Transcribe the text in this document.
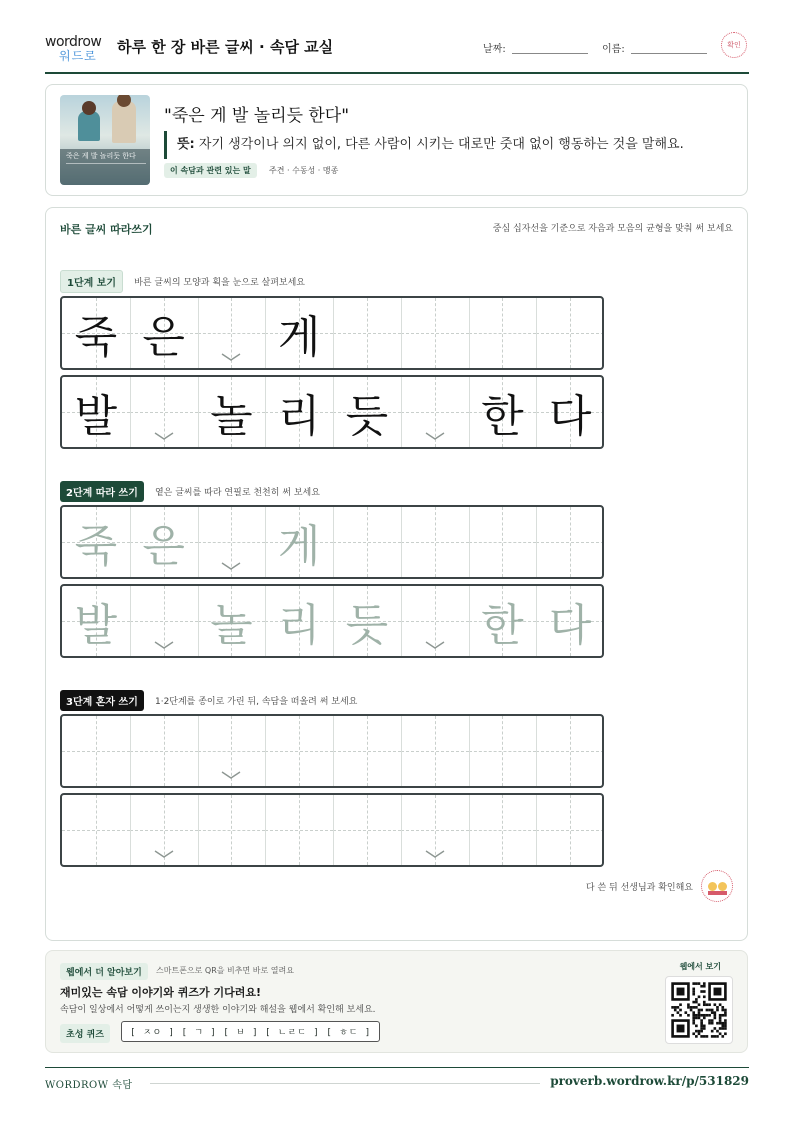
wordrow
워드로 하루 한 장 바른 글씨 · 속담 교실	날짜:	이름:	확인
죽은 게 발 놀리듯 한다
"죽은 게 발 놀리듯 한다"
뜻: 자기 생각이나 의지 없이, 다른 사람이 시키는 대로만 줏대 없이 행동하는 것을 말해요.
이 속담과 관련 있는 말	주견 · 수동성 · 맹종
바른 글씨 따라쓰기	중심 십자선을 기준으로 자음과 모음의 균형을 맞춰 써 보세요
1단계 보기 바른 글씨의 모양과 획을 눈으로 살펴보세요
죽 은 게
발 놀 리 듯 한 다
2단계 따라 쓰기 옅은 글씨를 따라 연필로 천천히 써 보세요
죽 은 게
발 놀 리 듯 한 다
3단계 혼자 쓰기 1·2단계를 종이로 가린 뒤, 속담을 떠올려 써 보세요
다 쓴 뒤 선생님과 확인해요
웹에서 더 알아보기	스마트폰으로 QR을 비추면 바로 열려요
재미있는 속담 이야기와 퀴즈가 기다려요!
속담이 일상에서 어떻게 쓰이는지 생생한 이야기와 해설을 웹에서 확인해 보세요.
초성 퀴즈	[ ㅈㅇ ] [ ㄱ ] [ ㅂ ] [ ㄴㄹㄷ ] [ ㅎㄷ ]
웹에서 보기
WORDROW 속담	proverb.wordrow.kr/p/531829
